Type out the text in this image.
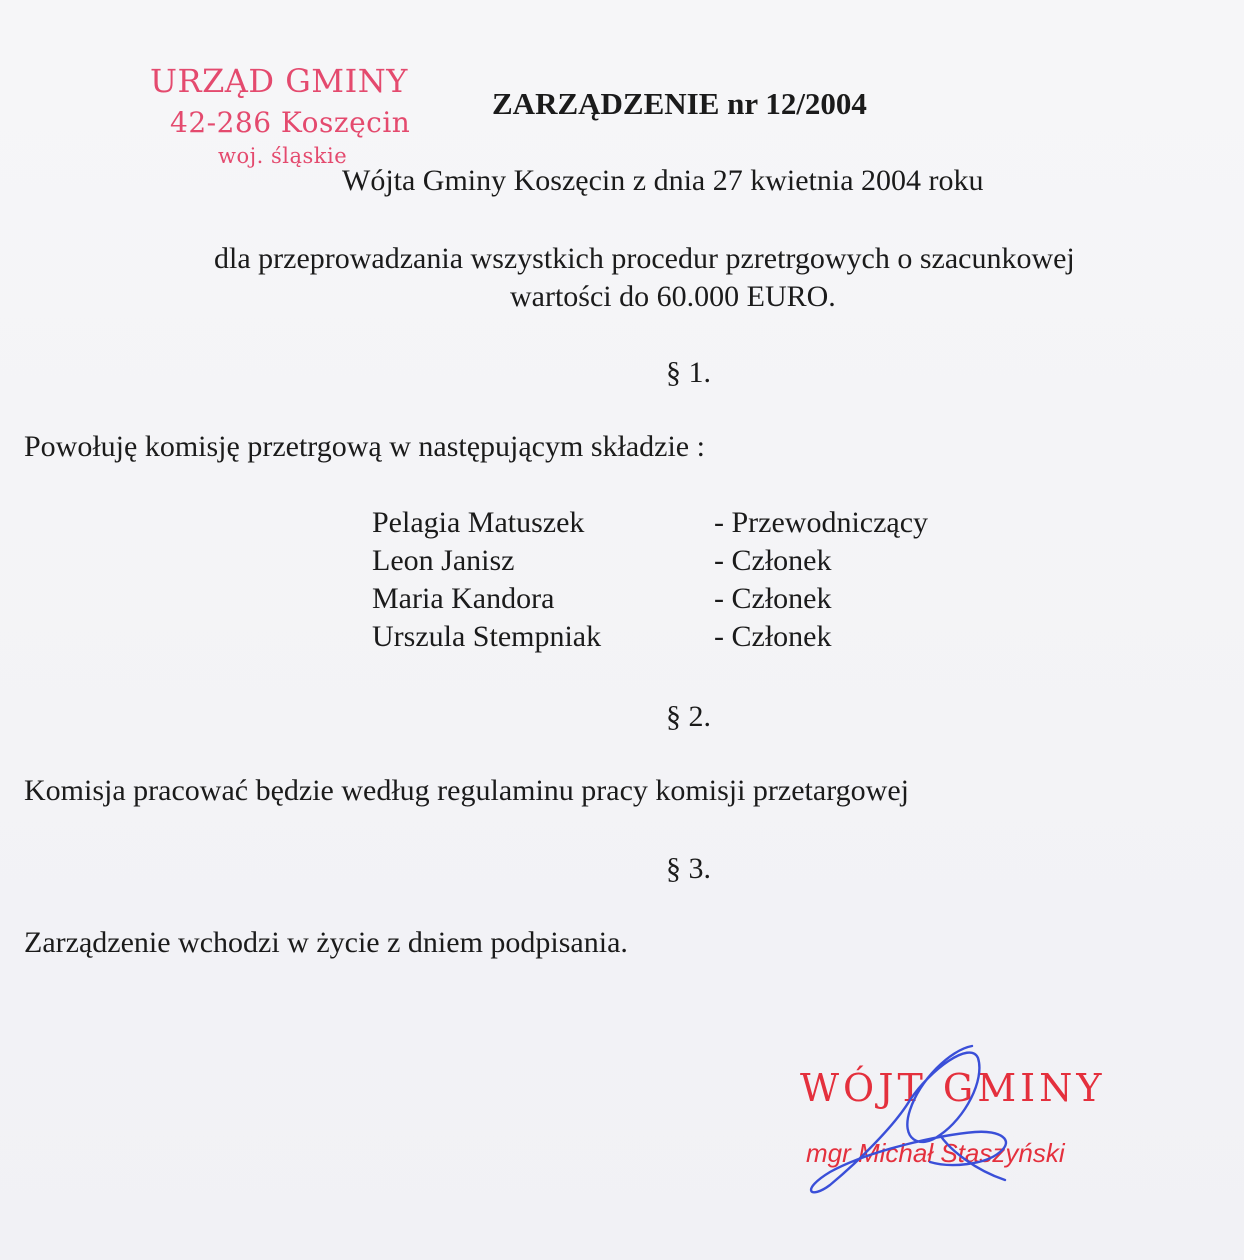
URZĄD GMINY
42-286 Koszęcin
woj. śląskie
ZARZĄDZENIE nr 12/2004
Wójta Gminy Koszęcin z dnia 27 kwietnia 2004 roku
dla przeprowadzania wszystkich procedur pzretrgowych o szacunkowej
wartości do 60.000 EURO.
§ 1.
Powołuję komisję przetrgową w następującym składzie :
Pelagia Matuszek	- Przewodniczący
Leon Janisz	- Członek
Maria Kandora	- Członek
Urszula Stempniak	- Członek
§ 2.
Komisja pracować będzie według regulaminu pracy komisji przetargowej
§ 3.
Zarządzenie wchodzi w życie z dniem podpisania.
WÓJT GMINY
mgr Michał Staszyński
